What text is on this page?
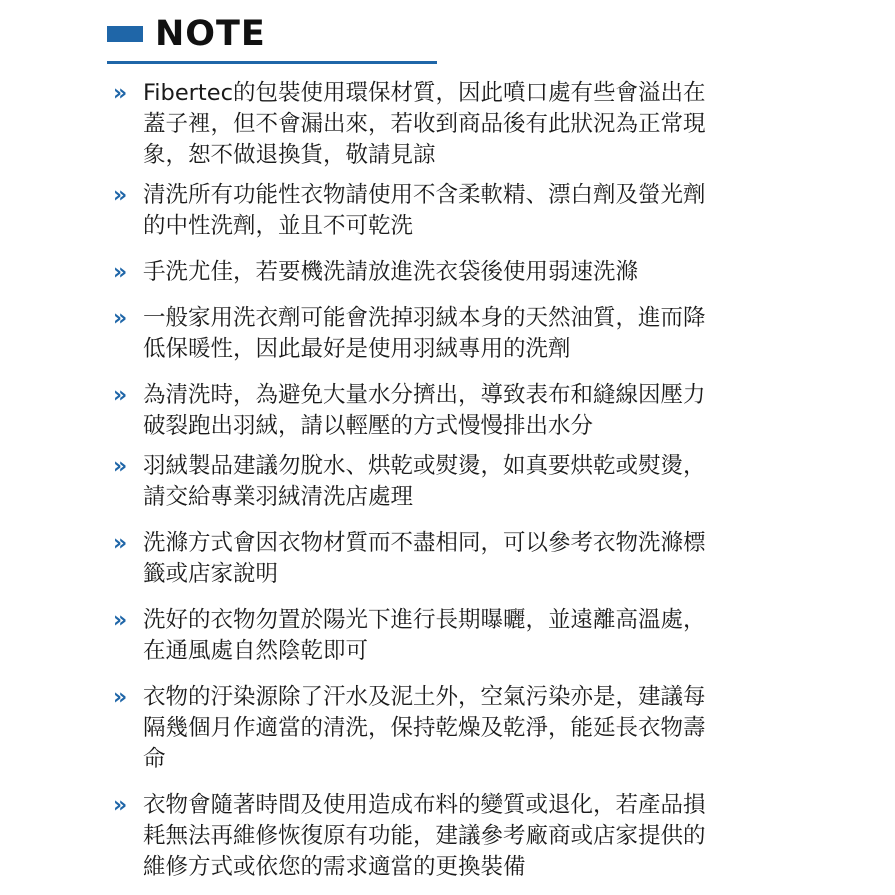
NOTE
» Fibertec的包裝使用環保材質，因此噴口處有些會溢出在
蓋子裡，但不會漏出來，若收到商品後有此狀況為正常現
象，恕不做退換貨，敬請見諒
» 清洗所有功能性衣物請使用不含柔軟精、漂白劑及螢光劑
的中性洗劑，並且不可乾洗
» 手洗尤佳，若要機洗請放進洗衣袋後使用弱速洗滌
» 一般家用洗衣劑可能會洗掉羽絨本身的天然油質，進而降
低保暖性，因此最好是使用羽絨專用的洗劑
» 為清洗時，為避免大量水分擠出，導致表布和縫線因壓力
破裂跑出羽絨，請以輕壓的方式慢慢排出水分
» 羽絨製品建議勿脫水、烘乾或熨燙，如真要烘乾或熨燙，
請交給專業羽絨清洗店處理
» 洗滌方式會因衣物材質而不盡相同，可以參考衣物洗滌標
籤或店家說明
» 洗好的衣物勿置於陽光下進行長期曝曬，並遠離高溫處，
在通風處自然陰乾即可
» 衣物的汙染源除了汗水及泥土外，空氣污染亦是，建議每
隔幾個月作適當的清洗，保持乾燥及乾淨，能延長衣物壽
命
» 衣物會隨著時間及使用造成布料的變質或退化，若產品損
耗無法再維修恢復原有功能，建議參考廠商或店家提供的
維修方式或依您的需求適當的更換裝備
